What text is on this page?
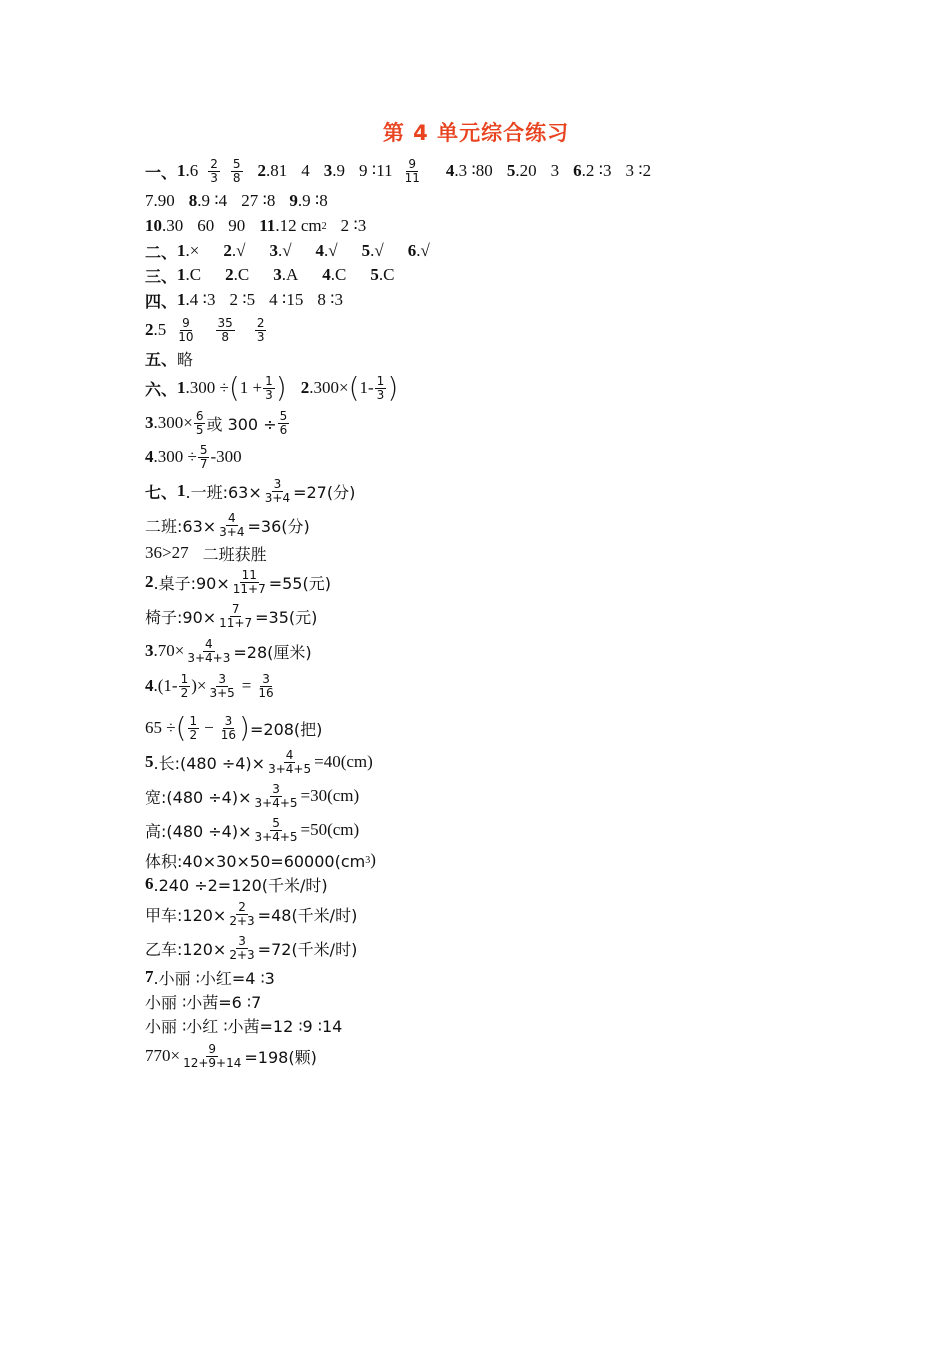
第 4 单元综合练习
一、 1 $.6 \frac{2}{3} \frac{5}{8} 2$ .81 4 3 .9 9 ∶11 $\frac{9}{11} 4$ .3 ∶80 5 .20 3 6 .2 ∶3 3 ∶2
7 .90 8 .9 ∶4 27 ∶8 9 .9 ∶8
10 .30 60 90 11 .12 cm 2 2 ∶3
二、 1 .× 2 .√ 3 .√ 4 .√ 5 .√ 6 .√
三、 1 .C 2 .C 3 .A 4 .C 5 .C
四、 1 .4 ∶3 2 ∶5 4 ∶15 8 ∶3
2 $.5 \frac{9}{10} \frac{35}{8} \frac{2}{3}$
五、 略
六、 1 .300 ÷ ( $1 + \frac{1}{3}$ ) 2 .300× ( $1- \frac{1}{3}$ )
3 $.300\times \frac{6}{5}$ 或 $300 \div \frac{5}{6}$
4 $.300 \div \frac{5}{7} -300$
七、 1 .一班:63× $\frac{3}{3+4} =27$(分)
二班:63× $\frac{4}{3+4} =36$(分)
36>27 二班获胜
2 .桌子:90× $\frac{11}{11+7} =55$(元)
椅子:90× $\frac{7}{11+7} =35$(元)
3 $.70\times \frac{4}{3+4+3} =28$(厘米)
4 $.(1- \frac{1}{2}$ )× $\frac{3}{3+5} = \frac{3}{16}$
65 ÷ ( $\frac{1}{2} - \frac{3}{16}$ ) =208(把)
5 .长:(480 $\div 4)\times \frac{4}{3+4+5} =40(cm)$
宽:(480 $\div 4)\times \frac{3}{3+4+5} =30(cm)$
高:(480 $\div 4)\times \frac{5}{3+4+5} =50(cm)$
体积:40×30×50=60000(cm 3 )
6 .240 ÷2=120(千米/时)
甲车:120× $\frac{2}{2+3} =48$(千米/时)
乙车:120× $\frac{3}{2+3} =72$(千米/时)
7 .小丽 ∶小红=4 ∶3
小丽 ∶小茜=6 ∶7
小丽 ∶小红 ∶小茜=12 ∶9 ∶14
$770\times \frac{9}{12+9+14} =198$(颗)
